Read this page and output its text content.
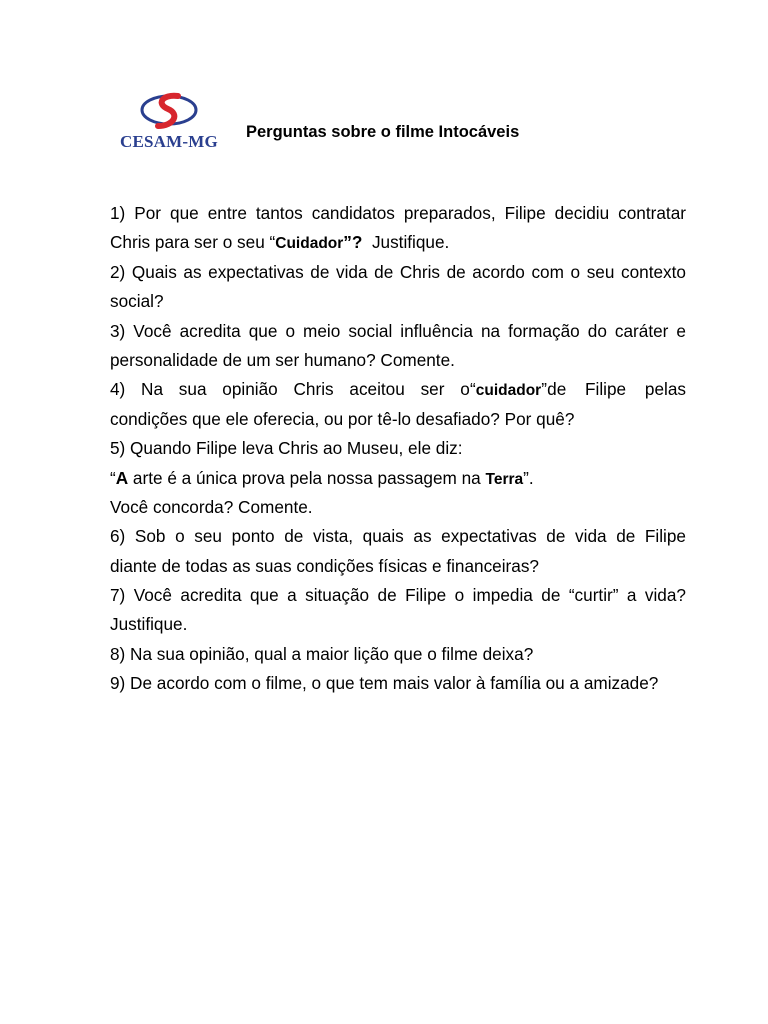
CESAM-MG Perguntas sobre o filme Intocáveis
1) Por que entre tantos candidatos preparados, Filipe decidiu contratar
Chris para ser o seu “Cuidador”?  Justifique.
2) Quais as expectativas de vida de Chris de acordo com o seu contexto
social?
3) Você acredita que o meio social influência na formação do caráter e
personalidade de um ser humano? Comente.
4) Na sua opinião Chris aceitou ser o “cuidador” de Filipe pelas
condições que ele oferecia, ou por tê-lo desafiado? Por quê?
5) Quando Filipe leva Chris ao Museu, ele diz:
“A arte é a única prova pela nossa passagem na Terra”.
Você concorda? Comente.
6) Sob o seu ponto de vista, quais as expectativas de vida de Filipe
diante de todas as suas condições físicas e financeiras?
7) Você acredita que a situação de Filipe o impedia de “curtir” a vida?
Justifique.
8) Na sua opinião, qual a maior lição que o filme deixa?
9) De acordo com o filme, o que tem mais valor à família ou a amizade?
